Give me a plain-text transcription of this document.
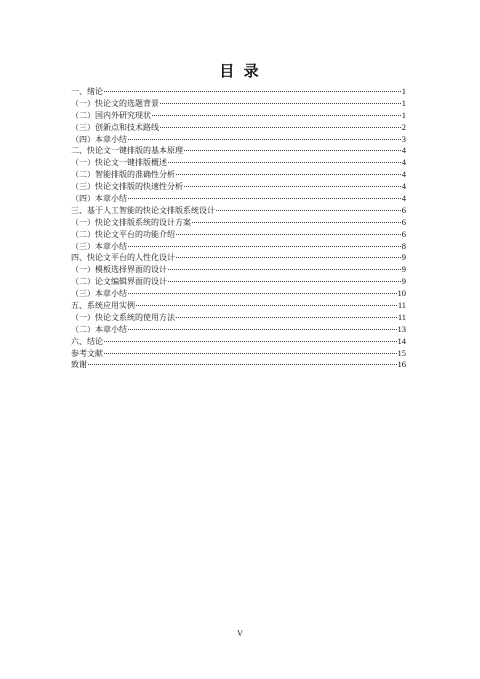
目 录
一、绪论	1
（一）快论文的选题背景	1
（二）国内外研究现状	1
（三）创新点和技术路线	2
（四）本章小结	3
二、快论文一键排版的基本原理	4
（一）快论文一键排版概述	4
（二）智能排版的准确性分析	4
（三）快论文排版的快速性分析	4
（四）本章小结	4
三、基于人工智能的快论文排版系统设计	6
（一）快论文排版系统的设计方案	6
（二）快论文平台的功能介绍	6
（三）本章小结	8
四、快论文平台的人性化设计	9
（一）模板选择界面的设计	9
（二）论文编辑界面的设计	9
（三）本章小结	10
五、系统应用实例	11
（一）快论文系统的使用方法	11
（二）本章小结	13
六、结论	14
参考文献	15
致谢	16
V
